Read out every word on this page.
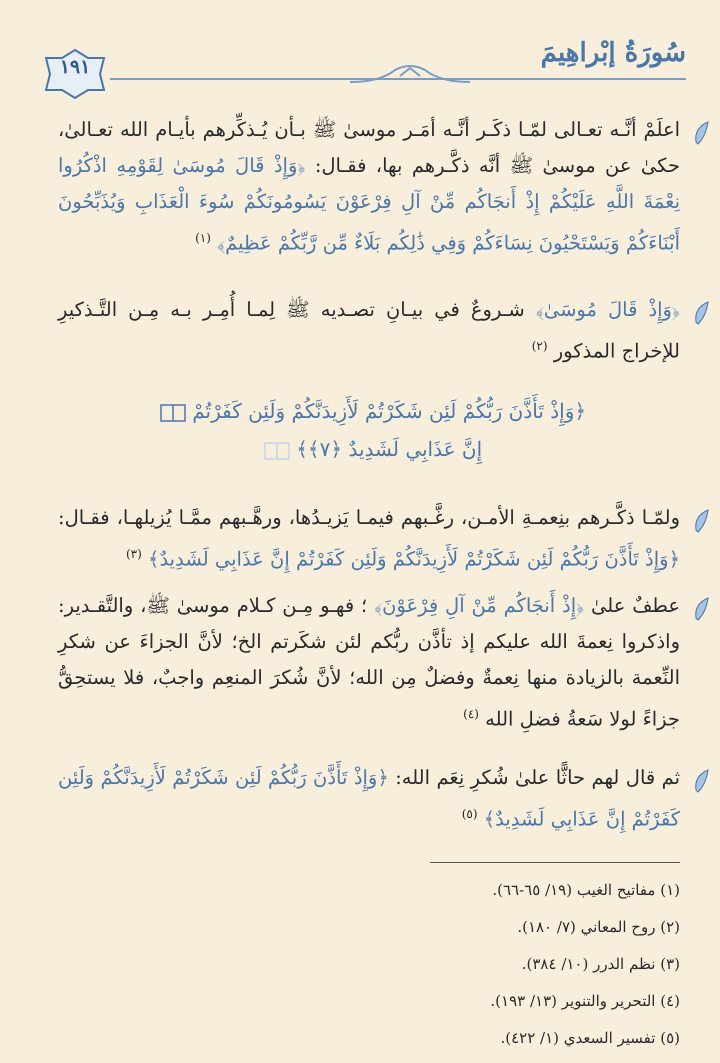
سُورَةُ إبْراهِيمَ
١٩١
اعلَمْ أنَّـه تعـالى لمّـا ذكَـر أنَّـه أمَـر موسىٰ ﷺ بـأن يُـذكِّرهم بأيـام الله تعـالىٰ، حكىٰ عن موسىٰ ﷺ أنَّه ذكَّـرهم بها، فقـال: ﴿وَإِذْ قَالَ مُوسَىٰ لِقَوْمِهِ اذْكُرُوا نِعْمَةَ اللَّهِ عَلَيْكُمْ إِذْ أَنجَاكُم مِّنْ آلِ فِرْعَوْنَ يَسُومُونَكُمْ سُوءَ الْعَذَابِ وَيُذَبِّحُونَ أَبْنَاءَكُمْ وَيَسْتَحْيُونَ نِسَاءَكُمْ وَفِي ذَٰلِكُم بَلَاءٌ مِّن رَّبِّكُمْ عَظِيمٌ﴾ $^{(١)}$
﴿وَإِذْ قَالَ مُوسَىٰ﴾ شـروعٌ في بيـانِ تصـديه ﷺ لِمـا أُمِـر بـه مِـن التَّـذكيرِ للإخراج المذكور $^{(٢)}$
﴿وَإِذْ تَأَذَّنَ رَبُّكُمْ لَئِن شَكَرْتُمْ لَأَزِيدَنَّكُمْ وَلَئِن كَفَرْتُمْ
إِنَّ عَذَابِي لَشَدِيدٌ ﴿٧﴾﴾
ولمّـا ذكَّـرهم بنِعمـةِ الأمـن، رغَّـبهم فيمـا يَزيـدُها، ورهَّـبهم ممَّـا يُزيلهـا، فقـال: ﴿وَإِذْ تَأَذَّنَ رَبُّكُمْ لَئِن شَكَرْتُمْ لَأَزِيدَنَّكُمْ وَلَئِن كَفَرْتُمْ إِنَّ عَذَابِي لَشَدِيدٌ﴾ $^{(٣)}$
عطفٌ علىٰ ﴿إِذْ أَنجَاكُم مِّنْ آلِ فِرْعَوْنَ﴾ ؛ فهـو مِـن كـلام موسىٰ ﷺ، والتَّقـدير: واذكروا نِعمةَ الله عليكم إذ تأذَّن ربُّكم لئن شكَرتم الخ؛ لأنَّ الجزاءَ عن شكرِ النِّعمة بالزيادة منها نِعمةٌ وفضلٌ مِن الله؛ لأنَّ شُكرَ المنعِم واجبٌ، فلا يستحِقُّ جزاءً لولا سَعةُ فضلِ الله $^{(٤)}$
ثم قال لهم حاثًّا علىٰ شُكرِ نِعَم الله: ﴿وَإِذْ تَأَذَّنَ رَبُّكُمْ لَئِن شَكَرْتُمْ لَأَزِيدَنَّكُمْ وَلَئِن كَفَرْتُمْ إِنَّ عَذَابِي لَشَدِيدٌ﴾ $^{(٥)}$
(١) مفاتيح الغيب (١٩/ ٦٥-٦٦).
(٢) روح المعاني (٧/ ١٨٠).
(٣) نظم الدرر (١٠/ ٣٨٤).
(٤) التحرير والتنوير (١٣/ ١٩٣).
(٥) تفسير السعدي (١/ ٤٢٢).
